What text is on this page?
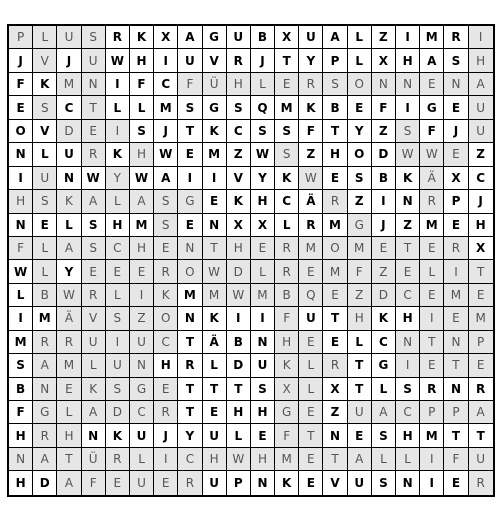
P	L	U	S	R	K	X	A	G	U	B	X	U	A	L	Z	I	M	R	I
J	V	J	U	W	H	I	U	V	R	J	T	Y	P	L	X	H	A	S	H
F	K	M	N	I	F	C	F	Ü	H	L	E	R	S	O	N	N	E	N	A
E	S	C	T	L	L	M	S	G	S	Q	M	K	B	E	F	I	G	E	U
O	V	D	E	I	S	J	T	K	C	S	S	F	T	Y	Z	S	F	J	U
N	L	U	R	K	H	W	E	M	Z	W	S	Z	H	O	D	W	W	E	Z
I	U	N	W	Y	W	A	I	I	V	Y	K	W	E	S	B	K	Ä	X	C
H	S	K	A	L	A	S	G	E	K	H	C	Ä	R	Z	I	N	R	P	J
N	E	L	S	H	M	S	E	N	X	X	L	R	M	G	J	Z	M	E	H
F	L	A	S	C	H	E	N	T	H	E	R	M	O	M	E	T	E	R	X
W	L	Y	E	E	E	R	O	W	D	L	R	E	M	F	Z	E	L	I	T
L	B	W	R	L	I	K	M	M	W	M	B	Q	E	Z	D	C	E	M	E
I	M	Ä	V	S	Z	O	N	K	I	I	F	U	T	H	K	H	I	E	M
M	R	R	U	I	U	C	T	Ä	B	N	H	E	E	L	C	N	T	N	P
S	A	M	L	U	N	H	R	L	D	U	K	L	R	T	G	I	E	T	E
B	N	E	K	S	G	E	T	T	T	S	X	L	X	T	L	S	R	N	R
F	G	L	A	D	C	R	T	E	H	H	G	E	Z	U	A	C	P	P	A
H	R	H	N	K	U	J	Y	U	L	E	F	T	N	E	S	H	M	T	T
N	A	T	Ü	R	L	I	C	H	W	H	M	E	T	A	L	L	I	F	U
H	D	A	F	E	U	E	R	U	P	N	K	E	V	U	S	N	I	E	R
